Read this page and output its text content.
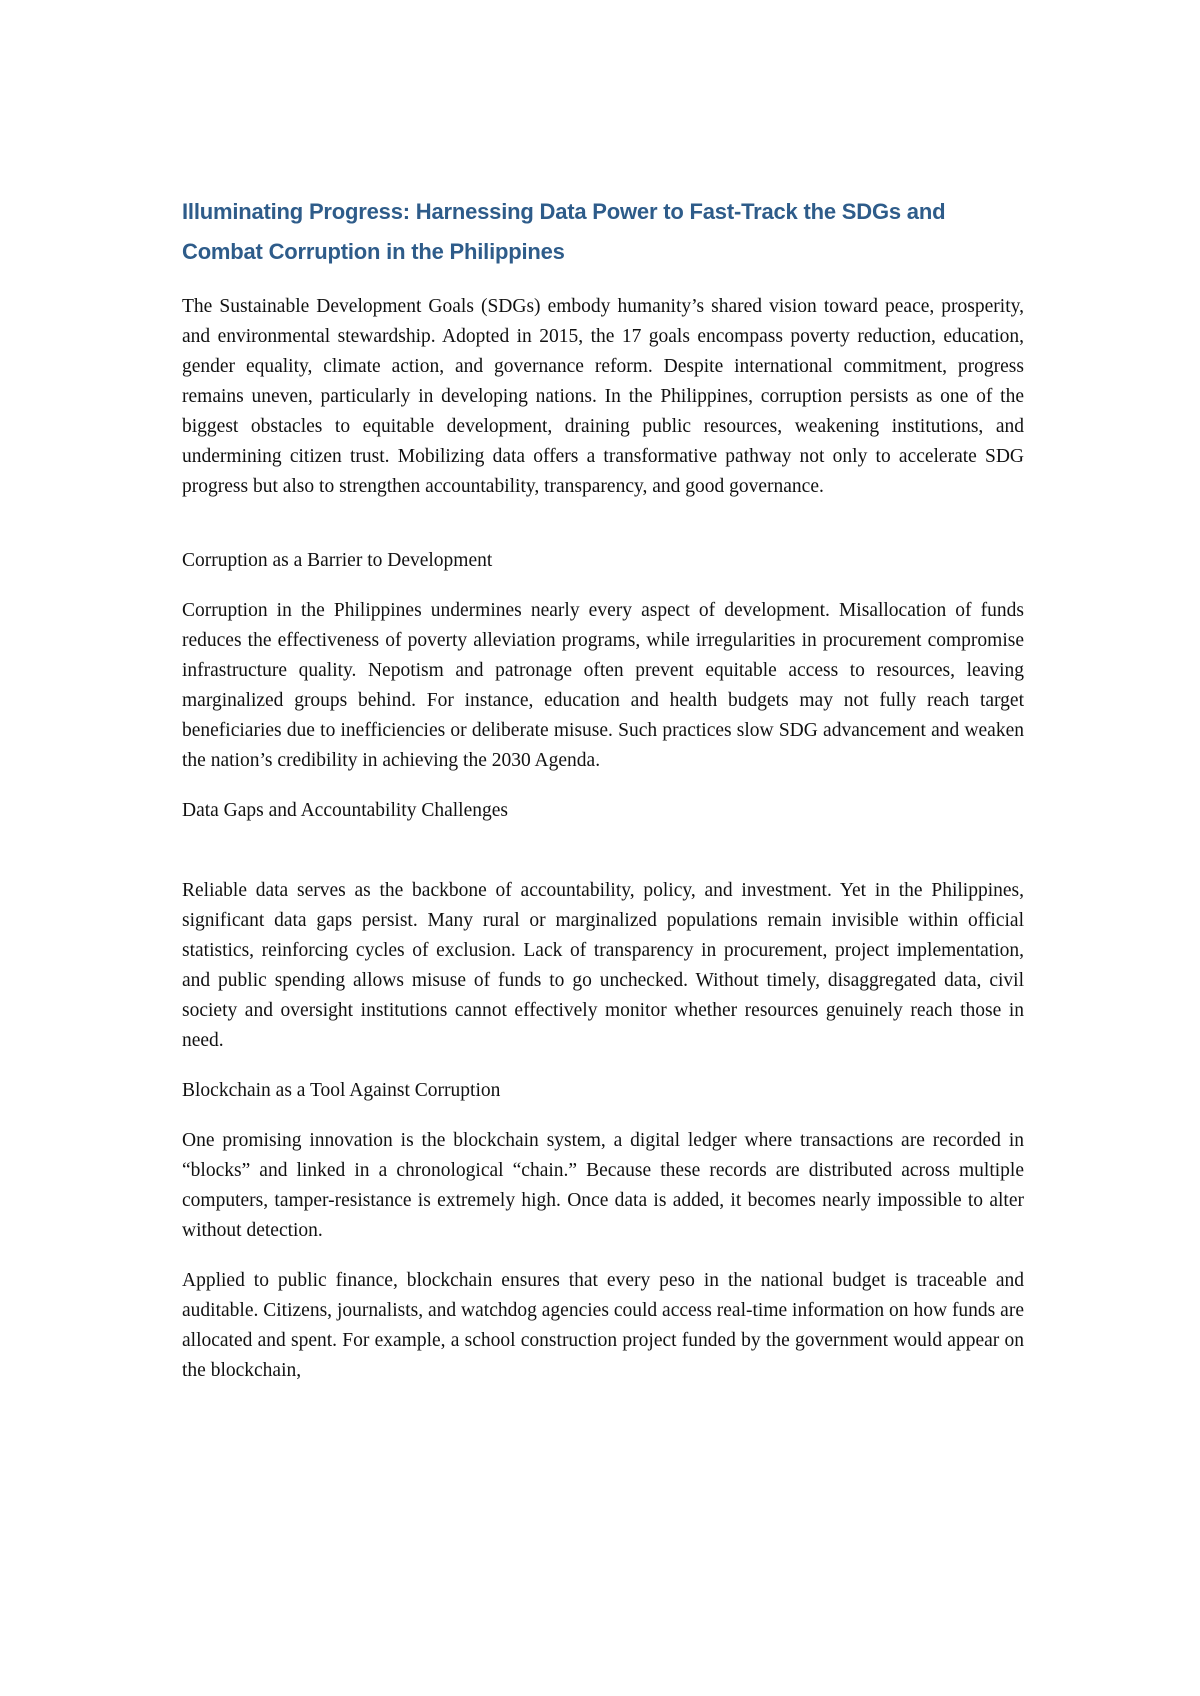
Illuminating Progress: Harnessing Data Power to Fast-Track the SDGs and Combat Corruption in the Philippines

The Sustainable Development Goals (SDGs) embody humanity’s shared vision toward peace, prosperity, and environmental stewardship. Adopted in 2015, the 17 goals encompass poverty reduction, education, gender equality, climate action, and governance reform. Despite international commitment, progress remains uneven, particularly in developing nations. In the Philippines, corruption persists as one of the biggest obstacles to equitable development, draining public resources, weakening institutions, and undermining citizen trust. Mobilizing data offers a transformative pathway not only to accelerate SDG progress but also to strengthen accountability, transparency, and good governance.

Corruption as a Barrier to Development

Corruption in the Philippines undermines nearly every aspect of development. Misallocation of funds reduces the effectiveness of poverty alleviation programs, while irregularities in procurement compromise infrastructure quality. Nepotism and patronage often prevent equitable access to resources, leaving marginalized groups behind. For instance, education and health budgets may not fully reach target beneficiaries due to inefficiencies or deliberate misuse. Such practices slow SDG advancement and weaken the nation’s credibility in achieving the 2030 Agenda.

Data Gaps and Accountability Challenges

Reliable data serves as the backbone of accountability, policy, and investment. Yet in the Philippines, significant data gaps persist. Many rural or marginalized populations remain invisible within official statistics, reinforcing cycles of exclusion. Lack of transparency in procurement, project implementation, and public spending allows misuse of funds to go unchecked. Without timely, disaggregated data, civil society and oversight institutions cannot effectively monitor whether resources genuinely reach those in need.

Blockchain as a Tool Against Corruption

One promising innovation is the blockchain system, a digital ledger where transactions are recorded in “blocks” and linked in a chronological “chain.” Because these records are distributed across multiple computers, tamper-resistance is extremely high. Once data is added, it becomes nearly impossible to alter without detection.

Applied to public finance, blockchain ensures that every peso in the national budget is traceable and auditable. Citizens, journalists, and watchdog agencies could access real-time information on how funds are allocated and spent. For example, a school construction project funded by the government would appear on the blockchain,
